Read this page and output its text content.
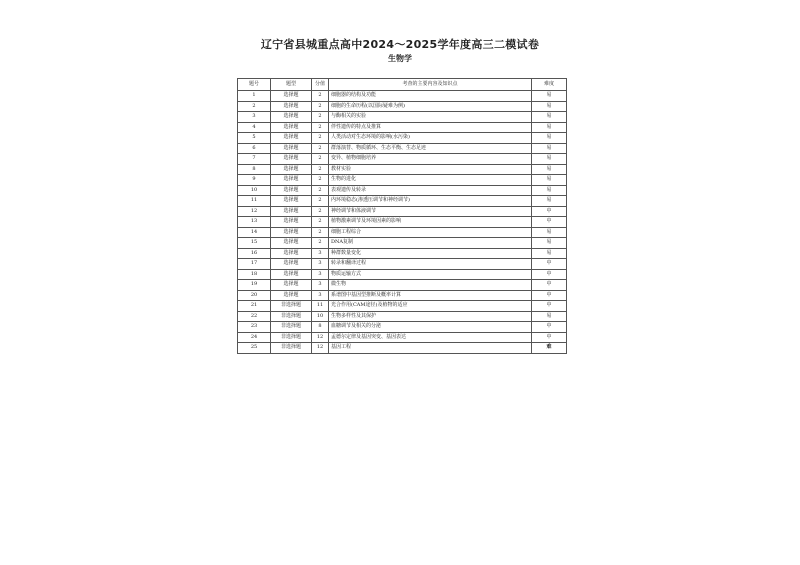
辽宁省县城重点高中2024～2025学年度高三二模试卷
生物学
题号	题型	分值	考查的主要内容及知识点	难度
1	选择题	2	细胞器的结构及功能	易
2	选择题	2	细胞的生命历程(以国际疑难为例)	易
3	选择题	2	与酶相关的实验	易
4	选择题	2	伴性遗传的特点及推算	易
5	选择题	2	人类活动对生态环境的影响(水污染)	易
6	选择题	2	群落演替、物质循环、生态平衡、生态足迹	易
7	选择题	2	变异、植物细胞培养	易
8	选择题	2	教材实验	易
9	选择题	2	生物的进化	易
10	选择题	2	表观遗传及转录	易
11	选择题	2	内环境稳态(渗透压调节和神经调节)	易
12	选择题	2	神经调节和体液调节	中
13	选择题	2	植物激素调节及环境因素的影响	中
14	选择题	2	细胞工程综合	易
15	选择题	2	DNA复制	易
16	选择题	3	种群数量变化	易
17	选择题	3	转录和翻译过程	中
18	选择题	3	物质运输方式	中
19	选择题	3	微生物	中
20	选择题	3	系谱图中基因型推断及概率计算	中
21	非选择题	11	光合作用(CAM途径)及植物的适应	中
22	非选择题	10	生物多样性及其保护	易
23	非选择题	8	血糖调节及相关的分泌	中
24	非选择题	12	孟德尔定律及基因突变、基因表达	中
25	非选择题	12	基因工程	难
